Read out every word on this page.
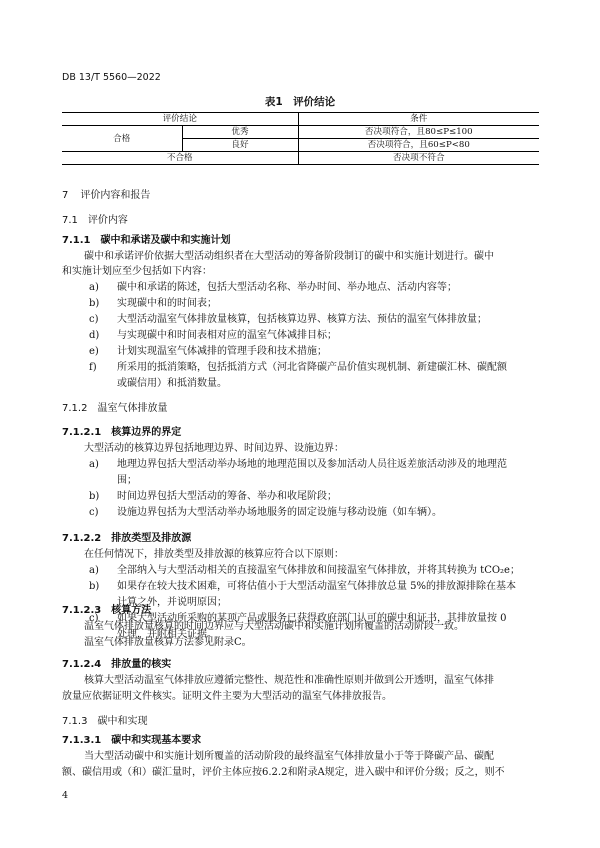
DB 13/T 5560—2022
表1　评价结论
评价结论		条件
合格	优秀	否决项符合，且80≤P≤100
	良好	否决项符合，且60≤P<80
不合格		否决项不符合
7 评价内容和报告
7.1 评价内容
7.1.1 碳中和承诺及碳中和实施计划
碳中和承诺评价依据大型活动组织者在大型活动的筹备阶段制订的碳中和实施计划进行。碳中
和实施计划应至少包括如下内容：
a) 碳中和承诺的陈述，包括大型活动名称、举办时间、举办地点、活动内容等；
b) 实现碳中和的时间表；
c) 大型活动温室气体排放量核算，包括核算边界、核算方法、预估的温室气体排放量；
d) 与实现碳中和时间表相对应的温室气体减排目标；
e) 计划实现温室气体减排的管理手段和技术措施；
f) 所采用的抵消策略，包括抵消方式（河北省降碳产品价值实现机制、新建碳汇林、碳配额
或碳信用）和抵消数量。
7.1.2 温室气体排放量
7.1.2.1 核算边界的界定
大型活动的核算边界包括地理边界、时间边界、设施边界：
a) 地理边界包括大型活动举办场地的地理范围以及参加活动人员往返差旅活动涉及的地理范
围；
b) 时间边界包括大型活动的筹备、举办和收尾阶段；
c) 设施边界包括为大型活动举办场地服务的固定设施与移动设施（如车辆）。
7.1.2.2 排放类型及排放源
在任何情况下，排放类型及排放源的核算应符合以下原则：
a) 全部纳入与大型活动相关的直接温室气体排放和间接温室气体排放，并将其转换为 tCO₂e；
b) 如果存在较大技术困难，可将估值小于大型活动温室气体排放总量 5%的排放源排除在基本
计算之外，并说明原因；
c) 如果大型活动所采购的某项产品或服务已获得政府部门认可的碳中和证书，其排放量按 0
处理，并附相关证据。
7.1.2.3 核算方法
温室气体排放量核算的时间边界应与大型活动碳中和实施计划所覆盖的活动阶段一致。
温室气体排放量核算方法参见附录C。
7.1.2.4 排放量的核实
核算大型活动温室气体排放应遵循完整性、规范性和准确性原则并做到公开透明，温室气体排
放量应依据证明文件核实。证明文件主要为大型活动的温室气体排放报告。
7.1.3 碳中和实现
7.1.3.1 碳中和实现基本要求
当大型活动碳中和实施计划所覆盖的活动阶段的最终温室气体排放量小于等于降碳产品、碳配
额、碳信用或（和）碳汇量时，评价主体应按6.2.2和附录A规定，进入碳中和评价分级；反之，则不
4
